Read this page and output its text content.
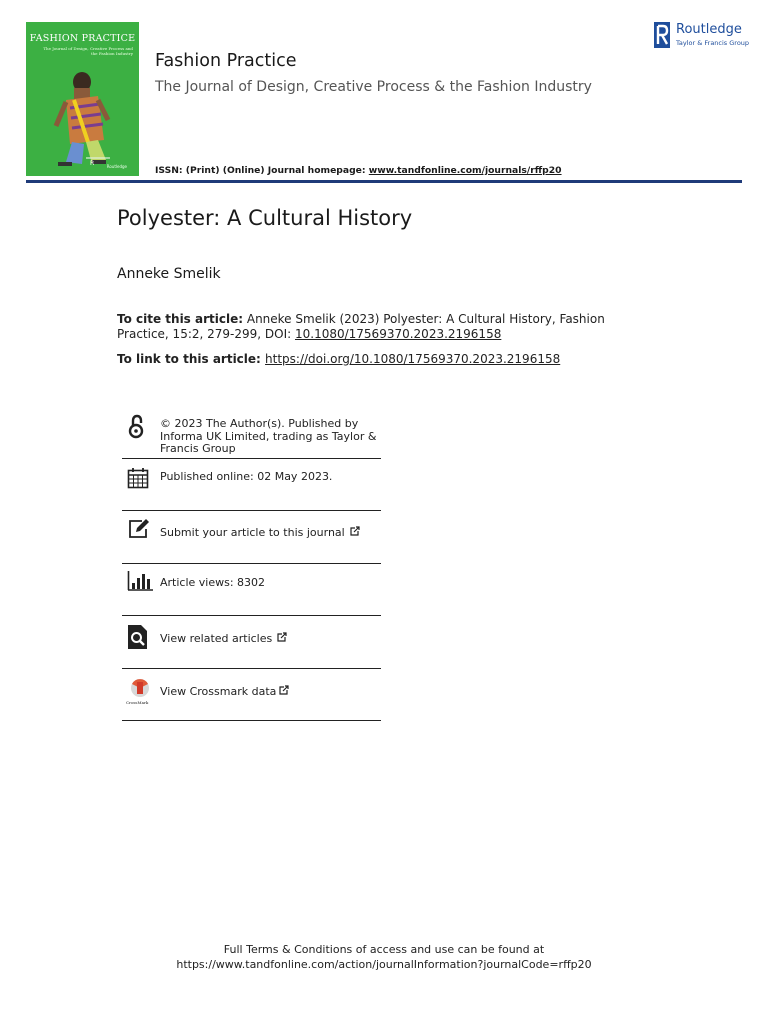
FASHION PRACTICE
The Journal of Design, Creative Process and the Fashion Industry
R	Routledge
Fashion Practice
The Journal of Design, Creative Process & the Fashion Industry
ISSN: (Print) (Online) Journal homepage: www.tandfonline.com/journals/rffp20
Routledge
Taylor & Francis Group
Polyester: A Cultural History
Anneke Smelik
To cite this article: Anneke Smelik (2023) Polyester: A Cultural History, Fashion Practice, 15:2, 279-299, DOI: 10.1080/17569370.2023.2196158
To link to this article: https://doi.org/10.1080/17569370.2023.2196158
© 2023 The Author(s). Published by Informa UK Limited, trading as Taylor & Francis Group
Published online: 02 May 2023.
Submit your article to this journal
Article views: 8302
View related articles
CrossMark
View Crossmark data
Full Terms & Conditions of access and use can be found at
https://www.tandfonline.com/action/journalInformation?journalCode=rffp20
